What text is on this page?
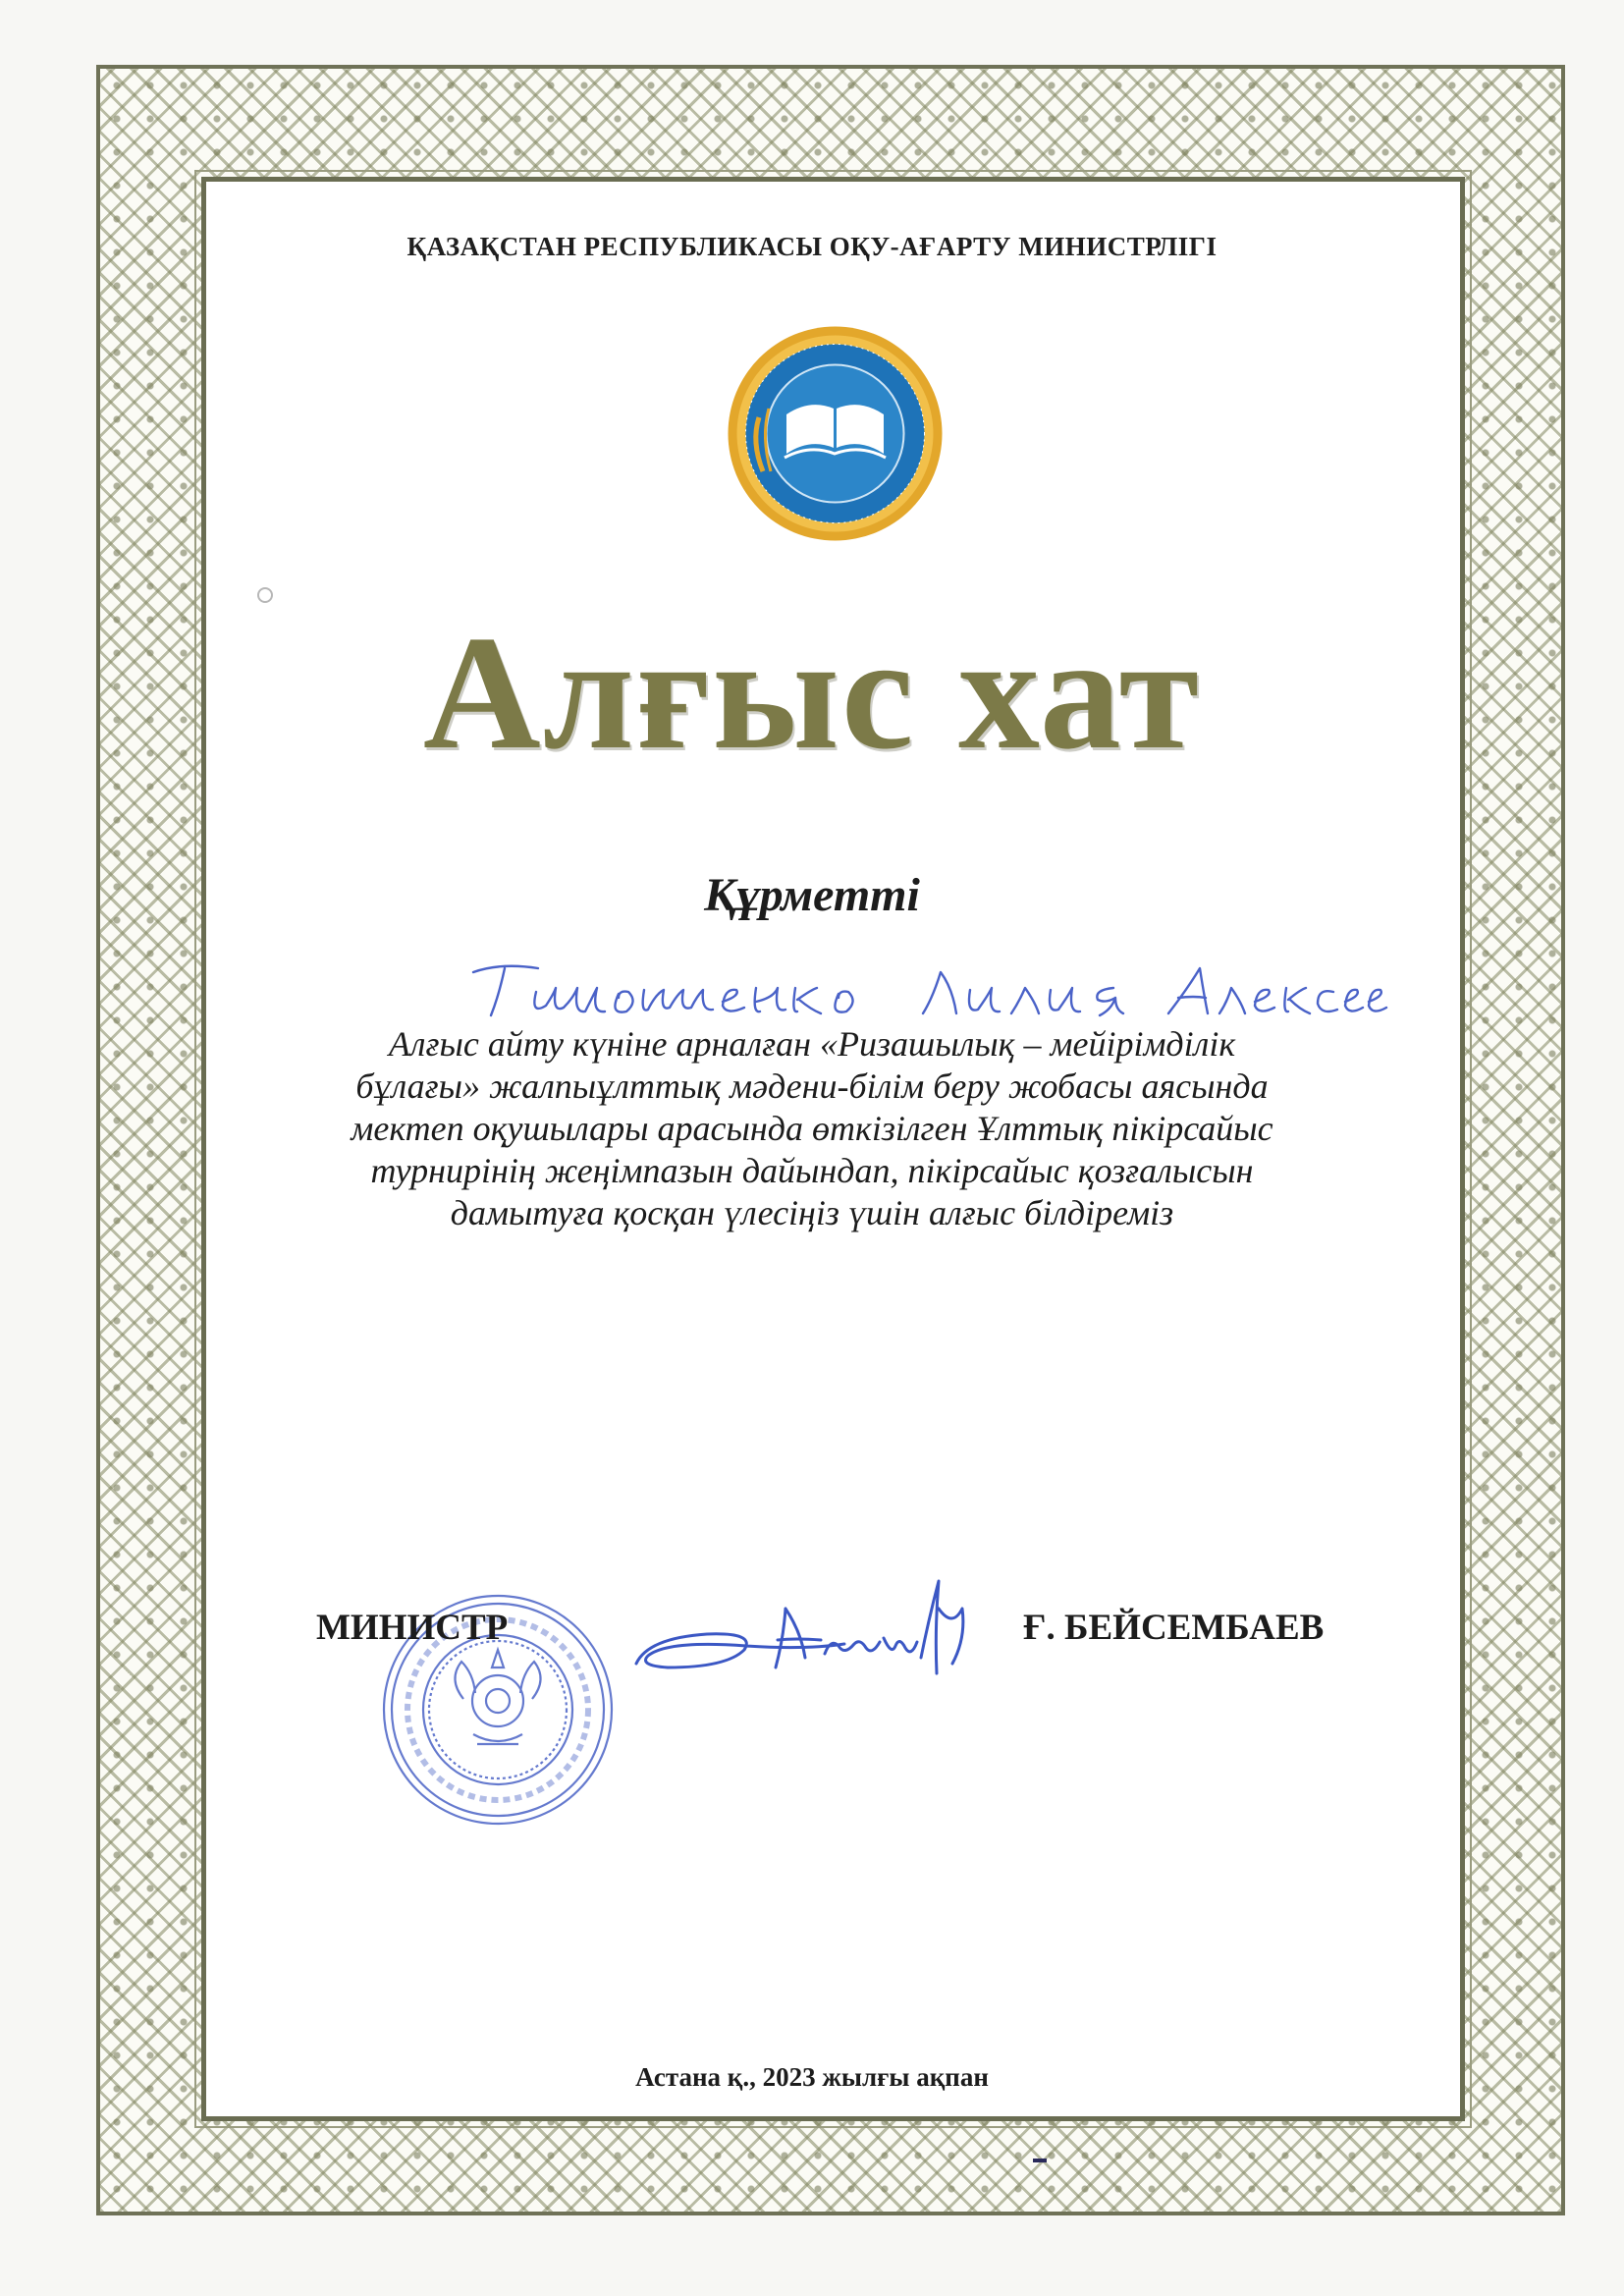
ҚАЗАҚСТАН РЕСПУБЛИКАСЫ ОҚУ-АҒАРТУ МИНИСТРЛІГІ
Алғыс хат
Құрметті
Алғыс айту күніне арналған «Ризашылық – мейірімділік
бұлағы» жалпыұлттық мәдени-білім беру жобасы аясында
мектеп оқушылары арасында өткізілген Ұлттық пікірсайыс
турнирінің жеңімпазын дайындап, пікірсайыс қозғалысын
дамытуға қосқан үлесіңіз үшін алғыс білдіреміз
МИНИСТР	Ғ. БЕЙСЕМБАЕВ
Астана қ., 2023 жылғы ақпан
